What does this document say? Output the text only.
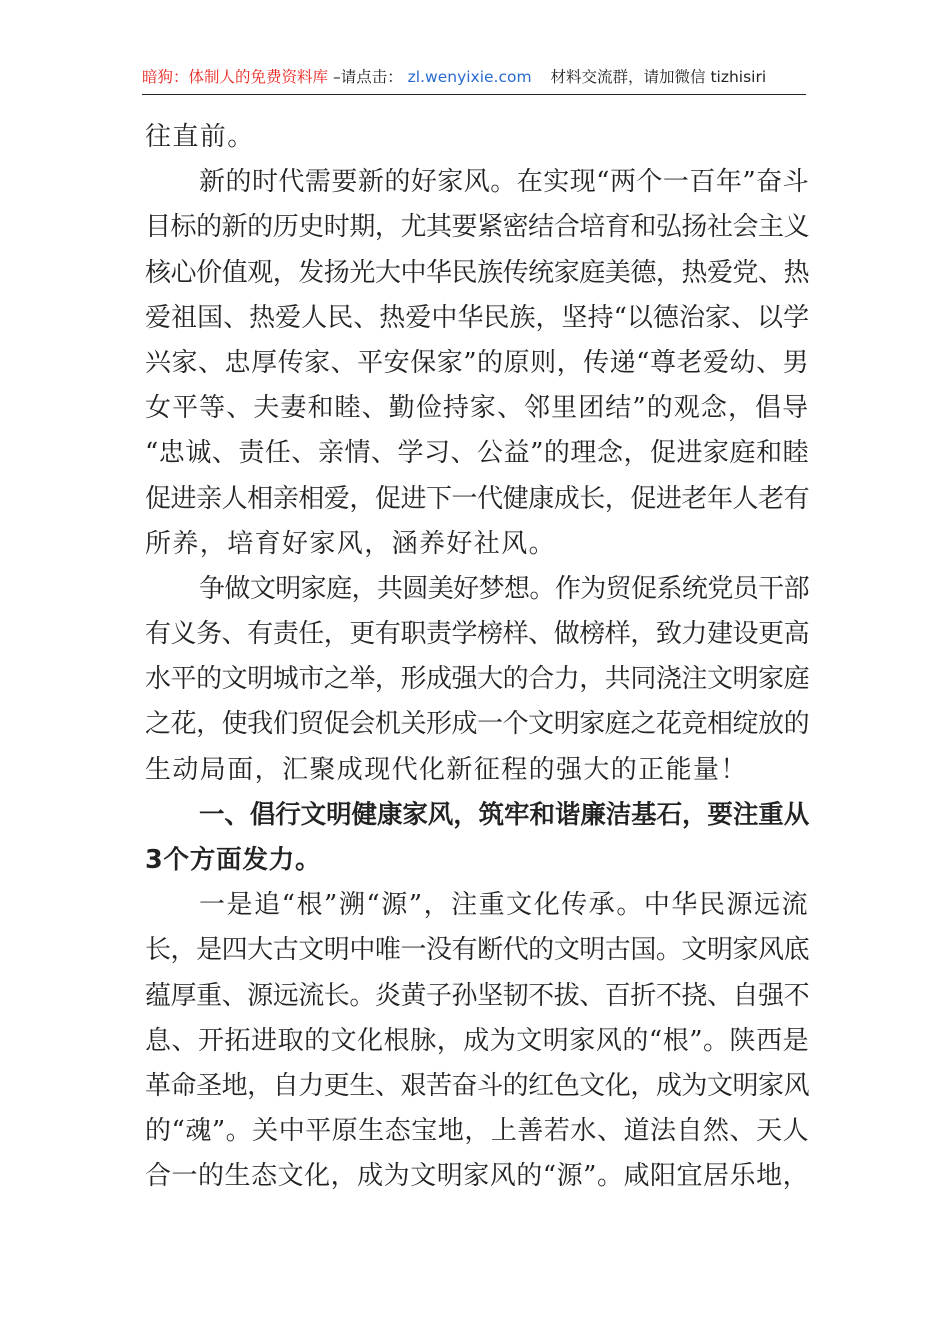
暗狗：体制人的免费资料库 –请点击： zl.wenyixie.com 材料交流群，请加微信 tizhisiri
往直前。
新的时代需要新的好家风。在实现“两个一百年”奋斗
目标的新的历史时期，尤其要紧密结合培育和弘扬社会主义
核心价值观，发扬光大中华民族传统家庭美德，热爱党、热
爱祖国、热爱人民、热爱中华民族，坚持“以德治家、以学
兴家、忠厚传家、平安保家”的原则，传递“尊老爱幼、男
女平等、夫妻和睦、勤俭持家、邻里团结”的观念，倡导
“忠诚、责任、亲情、学习、公益”的理念，促进家庭和睦
促进亲人相亲相爱，促进下一代健康成长，促进老年人老有
所养，培育好家风，涵养好社风。
争做文明家庭，共圆美好梦想。作为贸促系统党员干部
有义务、有责任，更有职责学榜样、做榜样，致力建设更高
水平的文明城市之举，形成强大的合力，共同浇注文明家庭
之花，使我们贸促会机关形成一个文明家庭之花竞相绽放的
生动局面，汇聚成现代化新征程的强大的正能量！
一、倡行文明健康家风，筑牢和谐廉洁基石，要注重从
3个方面发力。
一是追“根”溯“源”，注重文化传承。中华民源远流
长，是四大古文明中唯一没有断代的文明古国。文明家风底
蕴厚重、源远流长。炎黄子孙坚韧不拔、百折不挠、自强不
息、开拓进取的文化根脉，成为文明家风的“根”。陕西是
革命圣地，自力更生、艰苦奋斗的红色文化，成为文明家风
的“魂”。关中平原生态宝地，上善若水、道法自然、天人
合一的生态文化，成为文明家风的“源”。咸阳宜居乐地，
